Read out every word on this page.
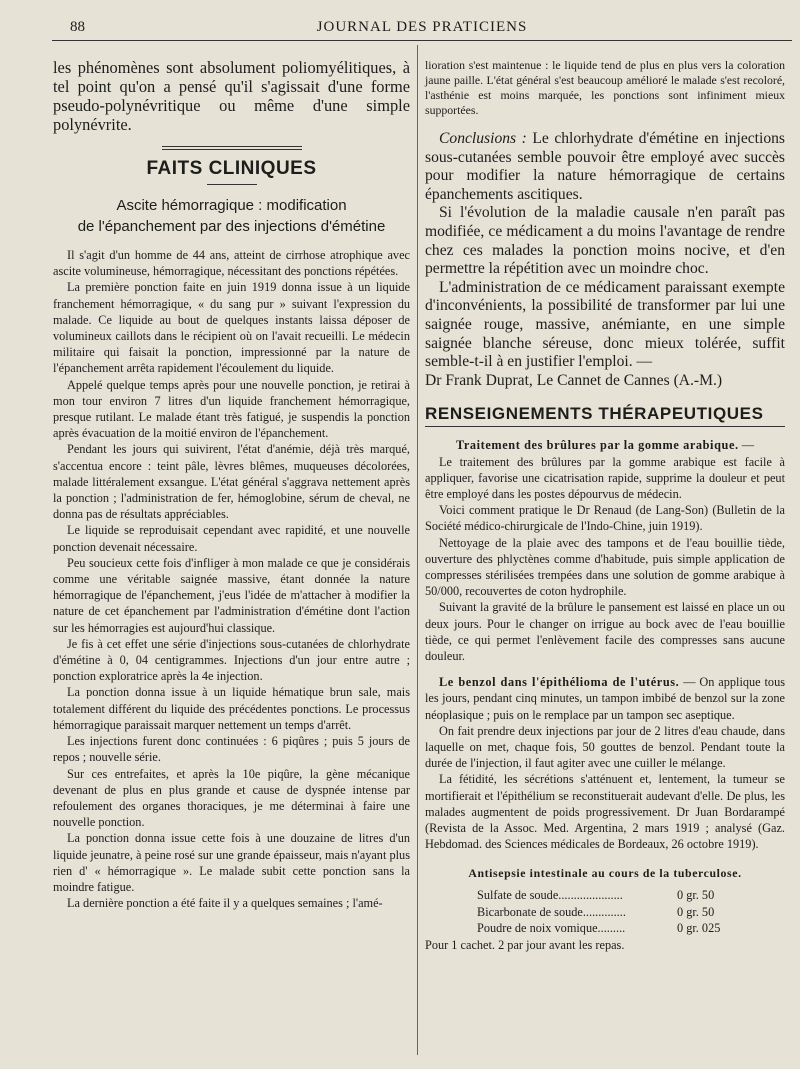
88	JOURNAL DES PRATICIENS

les phénomènes sont absolument poliomyélitiques, à tel point qu'on a pensé qu'il s'agissait d'une forme pseudo-polynévritique ou même d'une simple polynévrite.

FAITS CLINIQUES
Ascite hémorragique : modification
de l'épanchement par des injections d'émétine

Il s'agit d'un homme de 44 ans, atteint de cirrhose atrophique avec ascite volumineuse, hémorragique, nécessitant des ponctions répétées.

La première ponction faite en juin 1919 donna issue à un liquide franchement hémorragique, « du sang pur » suivant l'expression du malade. Ce liquide au bout de quelques instants laissa déposer de volumineux caillots dans le récipient où on l'avait recueilli. Le médecin militaire qui faisait la ponction, impressionné par la nature de l'épanchement arrêta rapidement l'écoulement du liquide.

Appelé quelque temps après pour une nouvelle ponction, je retirai à mon tour environ 7 litres d'un liquide franchement hémorragique, presque rutilant. Le malade étant très fatigué, je suspendis la ponction après évacuation de la moitié environ de l'épanchement.

Pendant les jours qui suivirent, l'état d'anémie, déjà très marqué, s'accentua encore : teint pâle, lèvres blêmes, muqueuses décolorées, malade littéralement exsangue. L'état général s'aggrava nettement après la ponction ; l'administration de fer, hémoglobine, sérum de cheval, ne donna pas de résultats appréciables.

Le liquide se reproduisait cependant avec rapidité, et une nouvelle ponction devenait nécessaire.

Peu soucieux cette fois d'infliger à mon malade ce que je considérais comme une véritable saignée massive, étant donnée la nature hémorragique de l'épanchement, j'eus l'idée de m'attacher à modifier la nature de cet épanchement par l'administration d'émétine dont l'action sur les hémorragies est aujourd'hui classique.

Je fis à cet effet une série d'injections sous-cutanées de chlorhydrate d'émétine à 0, 04 centigrammes. Injections d'un jour entre autre ; ponction exploratrice après la 4e injection.

La ponction donna issue à un liquide hématique brun sale, mais totalement différent du liquide des précédentes ponctions. Le processus hémorragique paraissait marquer nettement un temps d'arrêt.

Les injections furent donc continuées : 6 piqûres ; puis 5 jours de repos ; nouvelle série.

Sur ces entrefaites, et après la 10e piqûre, la gène mécanique devenant de plus en plus grande et cause de dyspnée intense par refoulement des organes thoraciques, je me déterminai à faire une nouvelle ponction.

La ponction donna issue cette fois à une douzaine de litres d'un liquide jeunatre, à peine rosé sur une grande épaisseur, mais n'ayant plus rien d' « hémorragique ». Le malade subit cette ponction sans la moindre fatigue.

La dernière ponction a été faite il y a quelques semaines ; l'amé-

lioration s'est maintenue : le liquide tend de plus en plus vers la coloration jaune paille. L'état général s'est beaucoup amélioré le malade s'est recoloré, l'asthénie est moins marquée, les ponctions sont infiniment mieux supportées.

Conclusions : Le chlorhydrate d'émétine en injections sous-cutanées semble pouvoir être employé avec succès pour modifier la nature hémorragique de certains épanchements ascitiques.

Si l'évolution de la maladie causale n'en paraît pas modifiée, ce médicament a du moins l'avantage de rendre chez ces malades la ponction moins nocive, et d'en permettre la répétition avec un moindre choc.

L'administration de ce médicament paraissant exempte d'inconvénients, la possibilité de transformer par lui une saignée rouge, massive, anémiante, en une simple saignée blanche séreuse, donc mieux tolérée, suffit semble-t-il à en justifier l'emploi. —

Dr Frank Duprat, Le Cannet de Cannes (A.-M.)

RENSEIGNEMENTS THÉRAPEUTIQUES

Traitement des brûlures par la gomme arabique. —

Le traitement des brûlures par la gomme arabique est facile à appliquer, favorise une cicatrisation rapide, supprime la douleur et peut être employé dans les postes dépourvus de médecin.

Voici comment pratique le Dr Renaud (de Lang-Son) (Bulletin de la Société médico-chirurgicale de l'Indo-Chine, juin 1919).

Nettoyage de la plaie avec des tampons et de l'eau bouillie tiède, ouverture des phlyctènes comme d'habitude, puis simple application de compresses stérilisées trempées dans une solution de gomme arabique à 50/000, recouvertes de coton hydrophile.

Suivant la gravité de la brûlure le pansement est laissé en place un ou deux jours. Pour le changer on irrigue au bock avec de l'eau bouillie tiède, ce qui permet l'enlèvement facile des compresses sans aucune douleur.

Le benzol dans l'épithélioma de l'utérus. — On applique tous les jours, pendant cinq minutes, un tampon imbibé de benzol sur la zone néoplasique ; puis on le remplace par un tampon sec aseptique.

On fait prendre deux injections par jour de 2 litres d'eau chaude, dans laquelle on met, chaque fois, 50 gouttes de benzol. Pendant toute la durée de l'injection, il faut agiter avec une cuiller le mélange.

La fétidité, les sécrétions s'atténuent et, lentement, la tumeur se mortifierait et l'épithélium se reconstituerait audevant d'elle. De plus, les malades augmentent de poids progressivement. Dr Juan Bordarampé (Revista de la Assoc. Med. Argentina, 2 mars 1919 ; analysé (Gaz. Hebdomad. des Sciences médicales de Bordeaux, 26 octobre 1919).

Antisepsie intestinale au cours de la tuberculose.
Sulfate de soude.....................	0 gr. 50
Bicarbonate de soude..............	0 gr. 50
Poudre de noix vomique.........	0 gr. 025

Pour 1 cachet. 2 par jour avant les repas.
